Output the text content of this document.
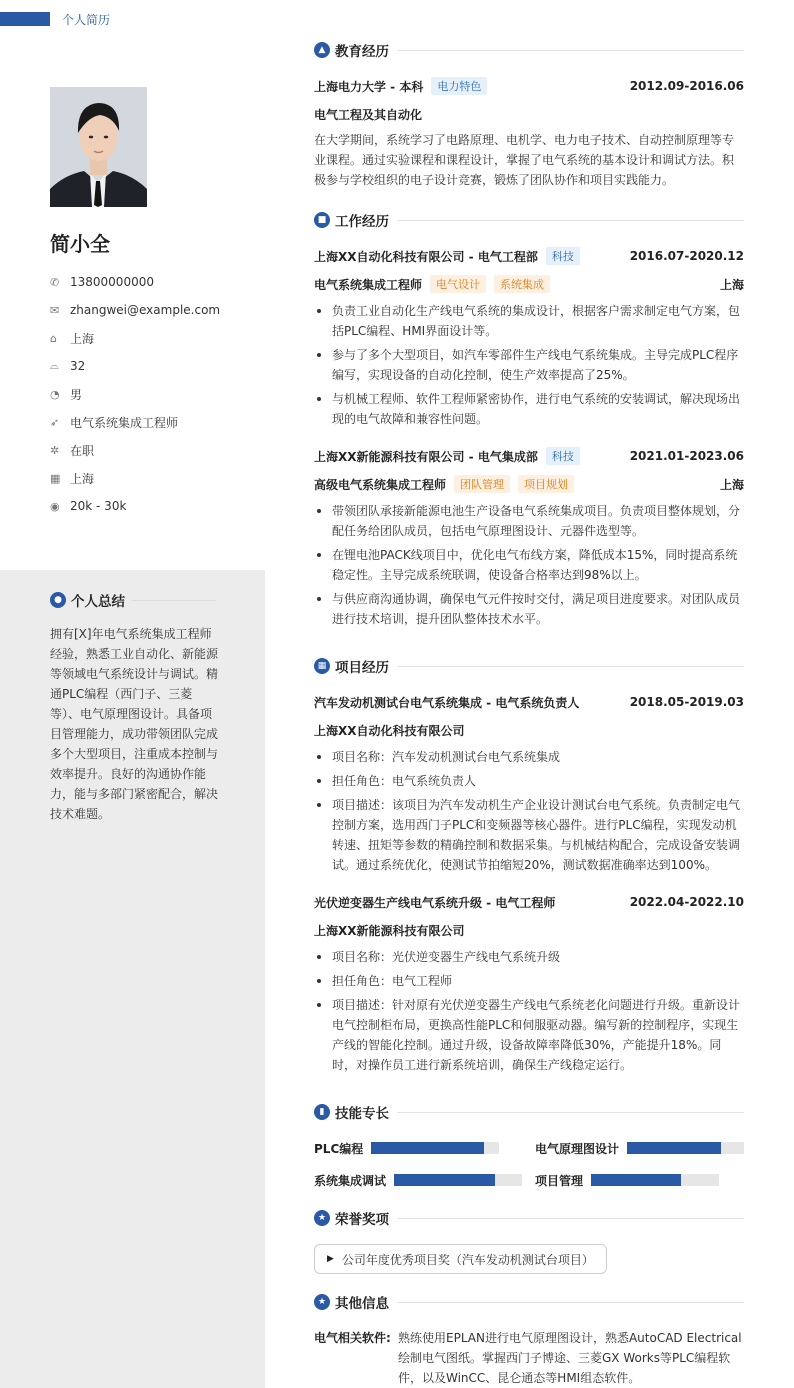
个人简历
简小全
✆ 13800000000
✉ zhangwei@example.com
⌂	上海
⌓ 32
◔ 男
➶ 电气系统集成工程师
✲ 在职
▦ 上海
◉ 20k - 30k
● 个人总结
拥有[X]年电气系统集成工程师经验，熟悉工业自动化、新能源等领域电气系统设计与调试。精通PLC编程（西门子、三菱等）、电气原理图设计。具备项目管理能力，成功带领团队完成多个大型项目，注重成本控制与效率提升。良好的沟通协作能力，能与多部门紧密配合，解决技术难题。
▲ 教育经历
上海电力大学 - 本科	电力特色	2012.09-2016.06
电气工程及其自动化
在大学期间，系统学习了电路原理、电机学、电力电子技术、自动控制原理等专业课程。通过实验课程和课程设计，掌握了电气系统的基本设计和调试方法。积极参与学校组织的电子设计竞赛，锻炼了团队协作和项目实践能力。
■ 工作经历
上海XX自动化科技有限公司 - 电气工程部	科技	2016.07-2020.12
电气系统集成工程师	电气设计	系统集成	上海
负责工业自动化生产线电气系统的集成设计，根据客户需求制定电气方案，包括PLC编程、HMI界面设计等。
参与了多个大型项目，如汽车零部件生产线电气系统集成。主导完成PLC程序编写，实现设备的自动化控制，使生产效率提高了25%。
与机械工程师、软件工程师紧密协作，进行电气系统的安装调试，解决现场出现的电气故障和兼容性问题。
上海XX新能源科技有限公司 - 电气集成部	科技	2021.01-2023.06
高级电气系统集成工程师	团队管理	项目规划	上海
带领团队承接新能源电池生产设备电气系统集成项目。负责项目整体规划，分配任务给团队成员，包括电气原理图设计、元器件选型等。
在锂电池PACK线项目中，优化电气布线方案，降低成本15%，同时提高系统稳定性。主导完成系统联调，使设备合格率达到98%以上。
与供应商沟通协调，确保电气元件按时交付，满足项目进度要求。对团队成员进行技术培训，提升团队整体技术水平。
▦ 项目经历
汽车发动机测试台电气系统集成 - 电气系统负责人	2018.05-2019.03
上海XX自动化科技有限公司
项目名称：汽车发动机测试台电气系统集成
担任角色：电气系统负责人
项目描述：该项目为汽车发动机生产企业设计测试台电气系统。负责制定电气控制方案，选用西门子PLC和变频器等核心器件。进行PLC编程，实现发动机转速、扭矩等参数的精确控制和数据采集。与机械结构配合，完成设备安装调试。通过系统优化，使测试节拍缩短20%，测试数据准确率达到100%。
光伏逆变器生产线电气系统升级 - 电气工程师	2022.04-2022.10
上海XX新能源科技有限公司
项目名称：光伏逆变器生产线电气系统升级
担任角色：电气工程师
项目描述：针对原有光伏逆变器生产线电气系统老化问题进行升级。重新设计电气控制柜布局，更换高性能PLC和伺服驱动器。编写新的控制程序，实现生产线的智能化控制。通过升级，设备故障率降低30%，产能提升18%。同时，对操作员工进行新系统培训，确保生产线稳定运行。
▮ 技能专长
PLC编程	电气原理图设计
系统集成调试	项目管理
★ 荣誉奖项
▶ 公司年度优秀项目奖（汽车发动机测试台项目）
★ 其他信息
电气相关软件: 熟练使用EPLAN进行电气原理图设计，熟悉AutoCAD Electrical绘制电气图纸。掌握西门子博途、三菱GX Works等PLC编程软件，以及WinCC、昆仑通态等HMI组态软件。
